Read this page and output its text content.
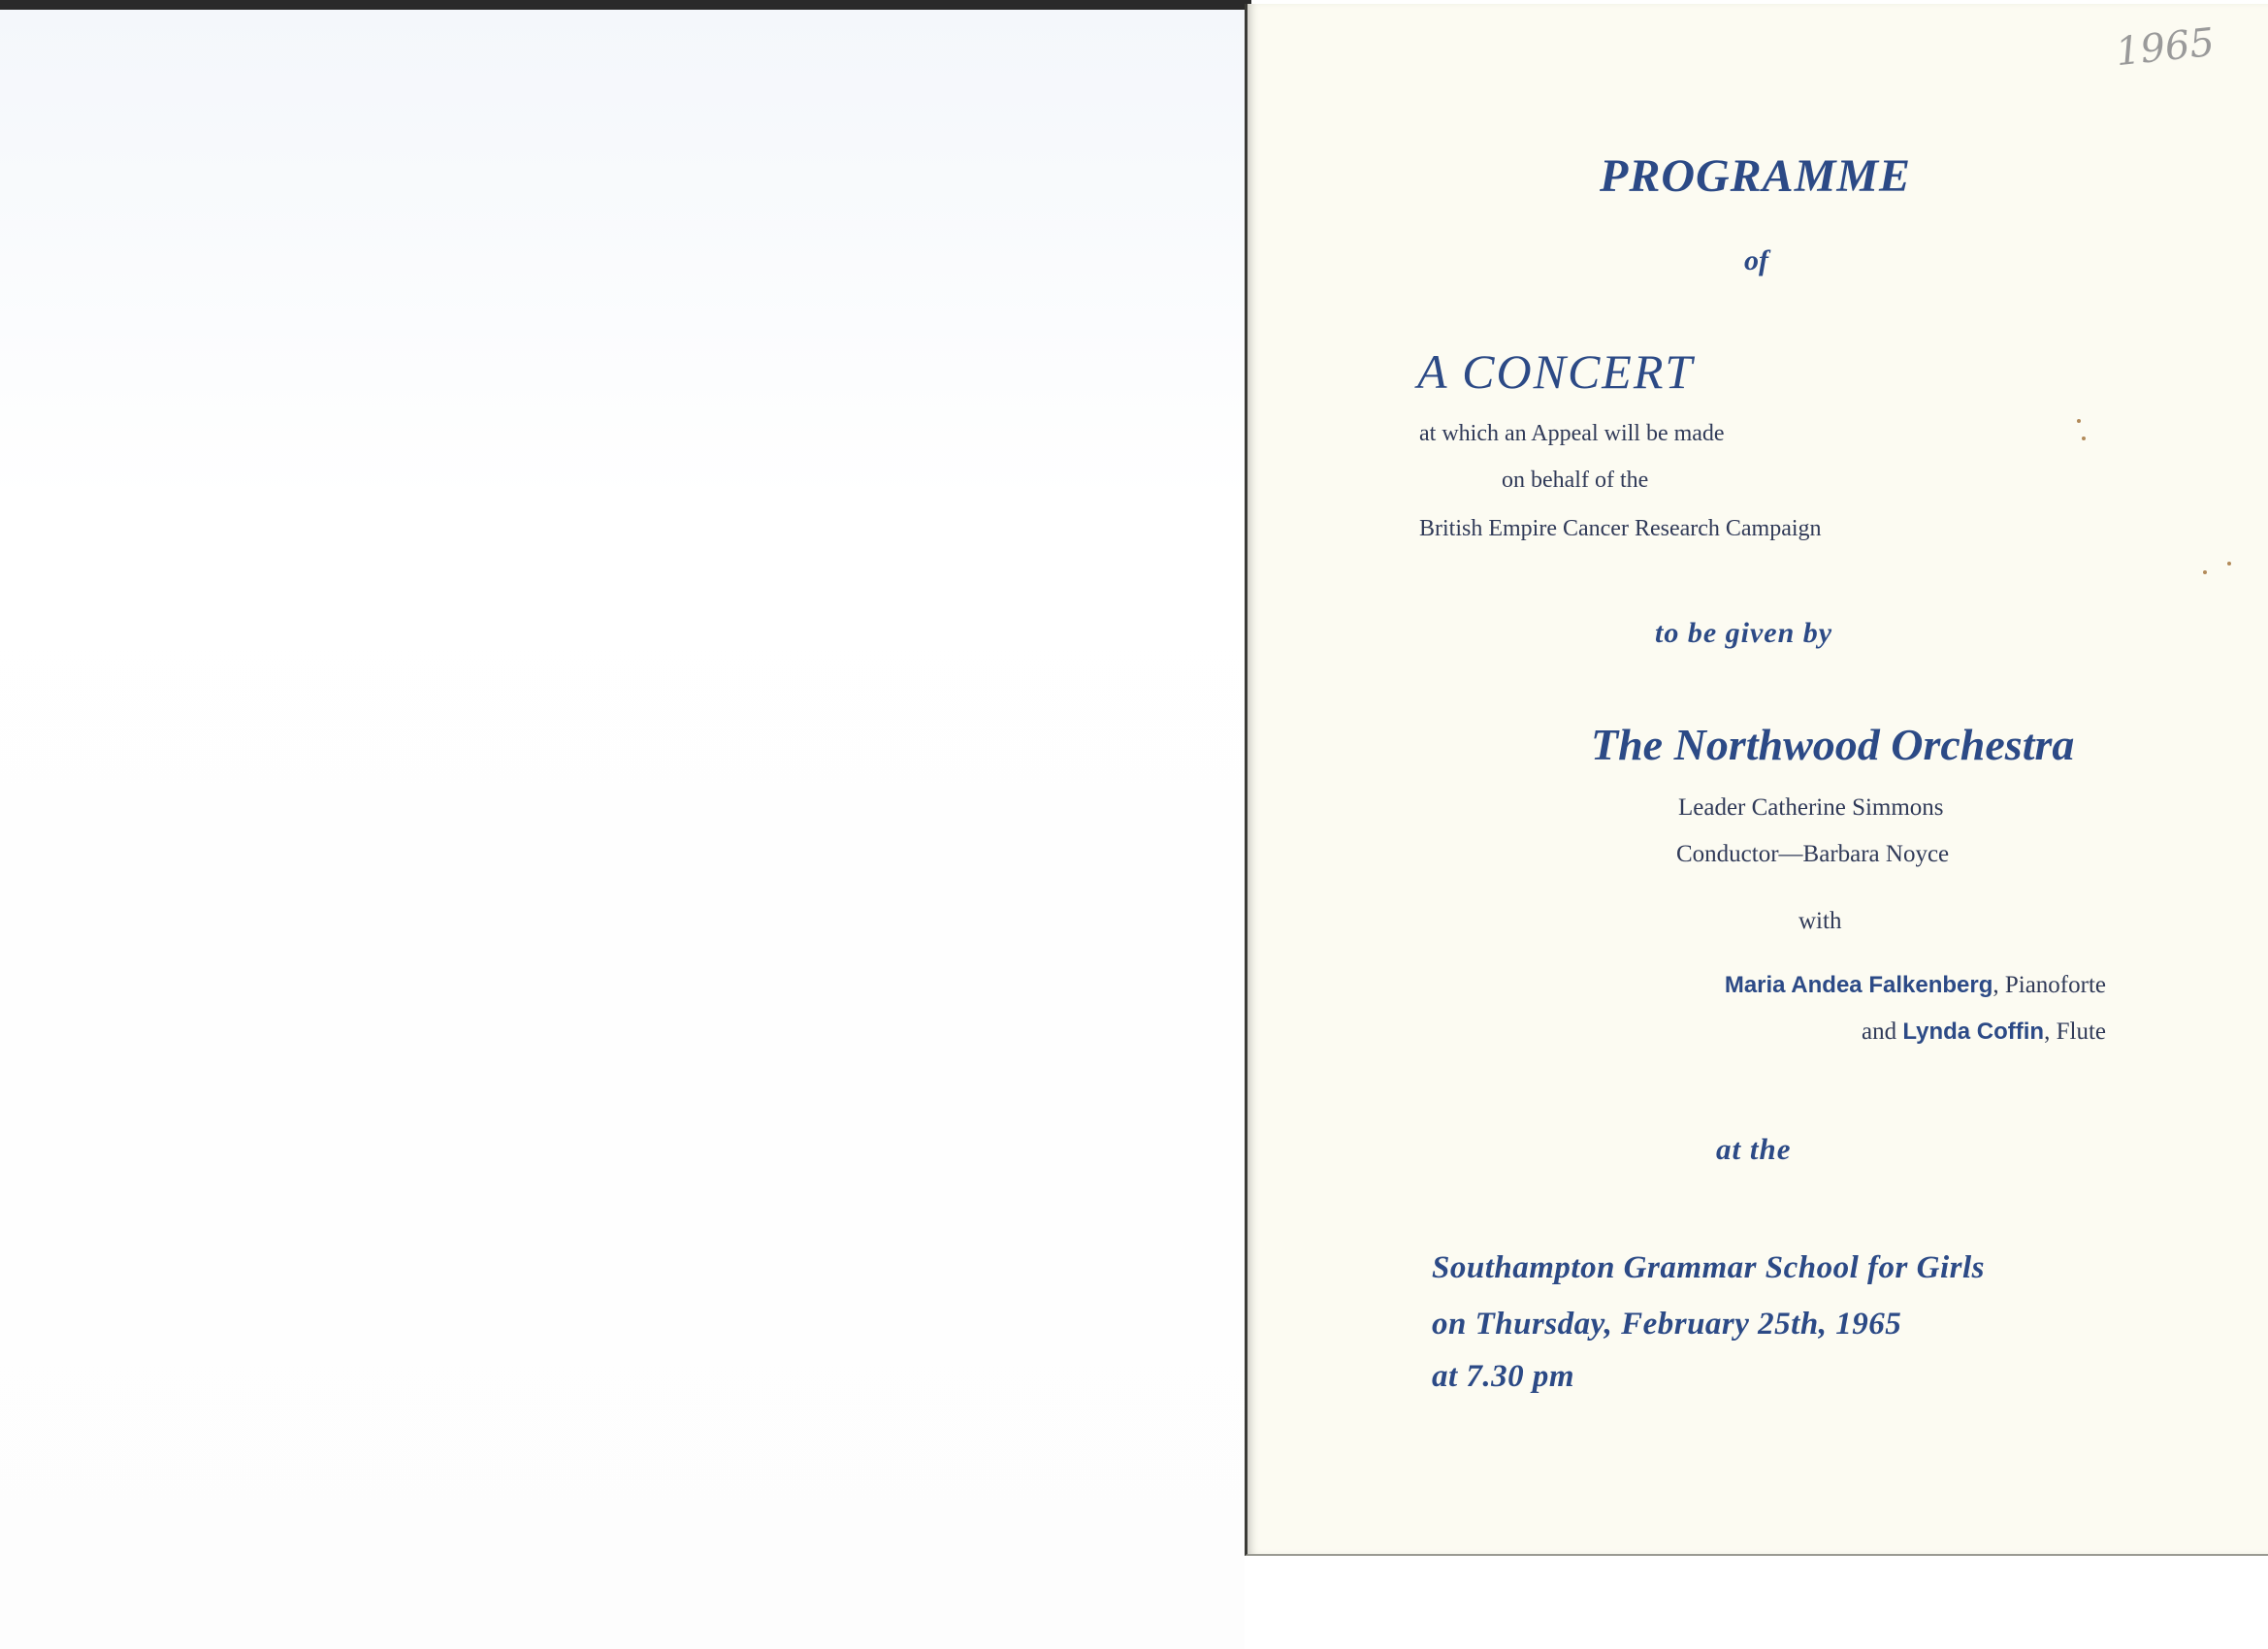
1965
PROGRAMME
of
A CONCERT
at which an Appeal will be made
on behalf of the
British Empire Cancer Research Campaign
to be given by
The Northwood Orchestra
Leader Catherine Simmons
Conductor—Barbara Noyce
with
Maria Andea Falkenberg, Pianoforte
and Lynda Coffin, Flute
at the
Southampton Grammar School for Girls
on Thursday, February 25th, 1965
at 7.30 pm
